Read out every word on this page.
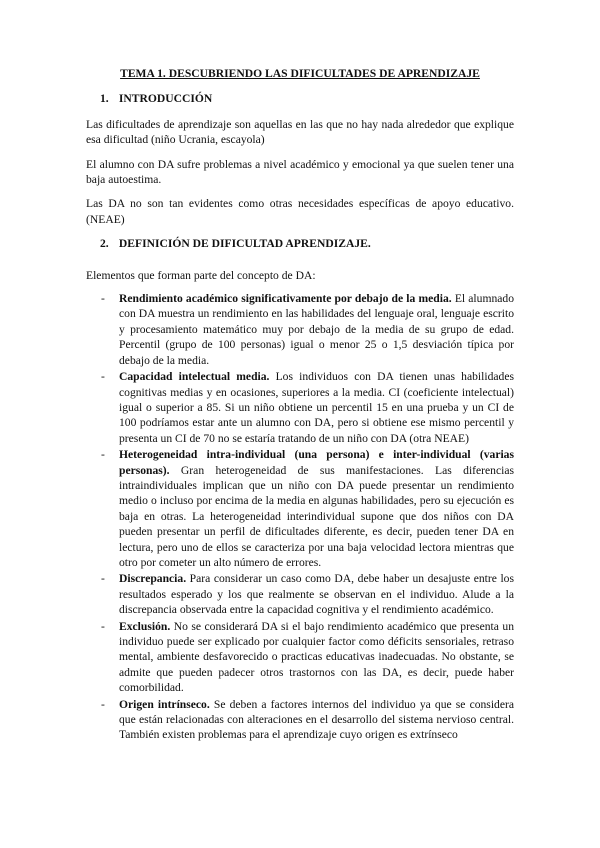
TEMA 1. DESCUBRIENDO LAS DIFICULTADES DE APRENDIZAJE
1. INTRODUCCIÓN

Las dificultades de aprendizaje son aquellas en las que no hay nada alrededor que explique esa dificultad (niño Ucrania, escayola)

El alumno con DA sufre problemas a nivel académico y emocional ya que suelen tener una baja autoestima.

Las DA no son tan evidentes como otras necesidades específicas de apoyo educativo. (NEAE)

2. DEFINICIÓN DE DIFICULTAD APRENDIZAJE.

Elementos que forman parte del concepto de DA:

- Rendimiento académico significativamente por debajo de la media. El alumnado con DA muestra un rendimiento en las habilidades del lenguaje oral, lenguaje escrito y procesamiento matemático muy por debajo de la media de su grupo de edad. Percentil (grupo de 100 personas) igual o menor 25 o 1,5 desviación típica por debajo de la media.
- Capacidad intelectual media. Los individuos con DA tienen unas habilidades cognitivas medias y en ocasiones, superiores a la media. CI (coeficiente intelectual) igual o superior a 85. Si un niño obtiene un percentil 15 en una prueba y un CI de 100 podríamos estar ante un alumno con DA, pero si obtiene ese mismo percentil y presenta un CI de 70 no se estaría tratando de un niño con DA (otra NEAE)
- Heterogeneidad intra-individual (una persona) e inter-individual (varias personas). Gran heterogeneidad de sus manifestaciones. Las diferencias intraindividuales implican que un niño con DA puede presentar un rendimiento medio o incluso por encima de la media en algunas habilidades, pero su ejecución es baja en otras. La heterogeneidad interindividual supone que dos niños con DA pueden presentar un perfil de dificultades diferente, es decir, pueden tener DA en lectura, pero uno de ellos se caracteriza por una baja velocidad lectora mientras que otro por cometer un alto número de errores.
- Discrepancia. Para considerar un caso como DA, debe haber un desajuste entre los resultados esperado y los que realmente se observan en el individuo. Alude a la discrepancia observada entre la capacidad cognitiva y el rendimiento académico.
- Exclusión. No se considerará DA si el bajo rendimiento académico que presenta un individuo puede ser explicado por cualquier factor como déficits sensoriales, retraso mental, ambiente desfavorecido o practicas educativas inadecuadas. No obstante, se admite que pueden padecer otros trastornos con las DA, es decir, puede haber comorbilidad.
- Origen intrínseco. Se deben a factores internos del individuo ya que se considera que están relacionadas con alteraciones en el desarrollo del sistema nervioso central. También existen problemas para el aprendizaje cuyo origen es extrínseco
